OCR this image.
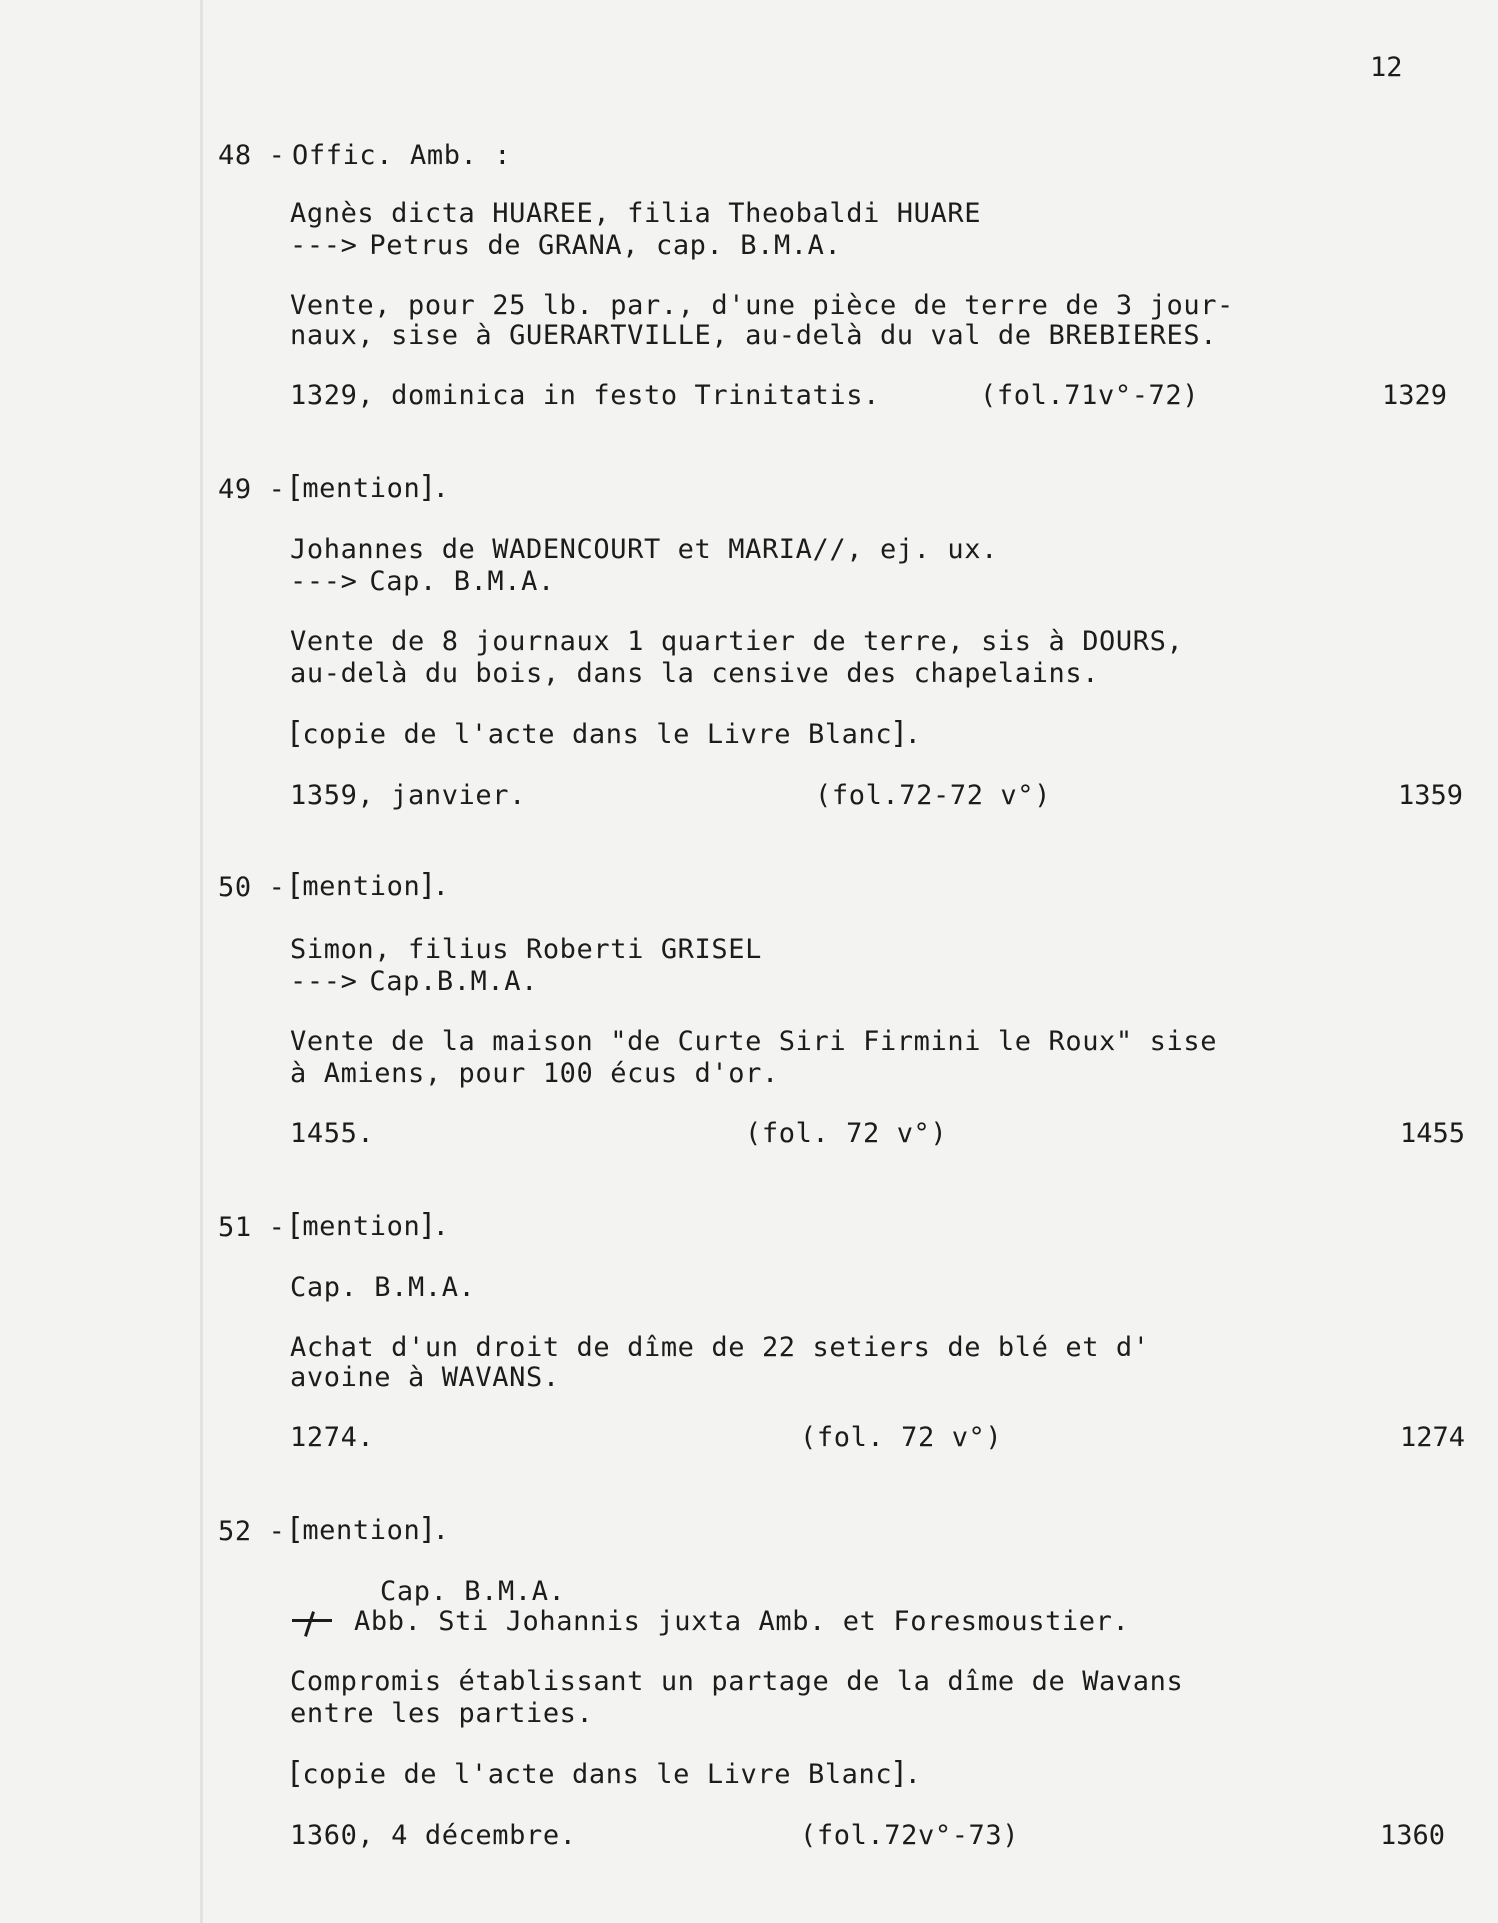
12
48 - Offic. Amb. :
Agnès dicta HUAREE, filia Theobaldi HUARE
---> Petrus de GRANA, cap. B.M.A.
Vente, pour 25 lb. par., d'une pièce de terre de 3 jour-
naux, sise à GUERARTVILLE, au-delà du val de BREBIERES.
1329, dominica in festo Trinitatis.	(fol.71v°-72)	1329
49 - [mention].
Johannes de WADENCOURT et MARIA//, ej. ux.
---> Cap. B.M.A.
Vente de 8 journaux 1 quartier de terre, sis à DOURS,
au-delà du bois, dans la censive des chapelains.
[copie de l'acte dans le Livre Blanc].
1359, janvier.	(fol.72-72 v°)	1359
50 - [mention].
Simon, filius Roberti GRISEL
---> Cap.B.M.A.
Vente de la maison "de Curte Siri Firmini le Roux" sise
à Amiens, pour 100 écus d'or.
1455.	(fol. 72 v°)	1455
51 - [mention].
Cap. B.M.A.
Achat d'un droit de dîme de 22 setiers de blé et d'
avoine à WAVANS.
1274.	(fol. 72 v°)	1274
52 - [mention].
Cap. B.M.A.
Abb. Sti Johannis juxta Amb. et Foresmoustier.
Compromis établissant un partage de la dîme de Wavans
entre les parties.
[copie de l'acte dans le Livre Blanc].
1360, 4 décembre.	(fol.72v°-73)	1360
